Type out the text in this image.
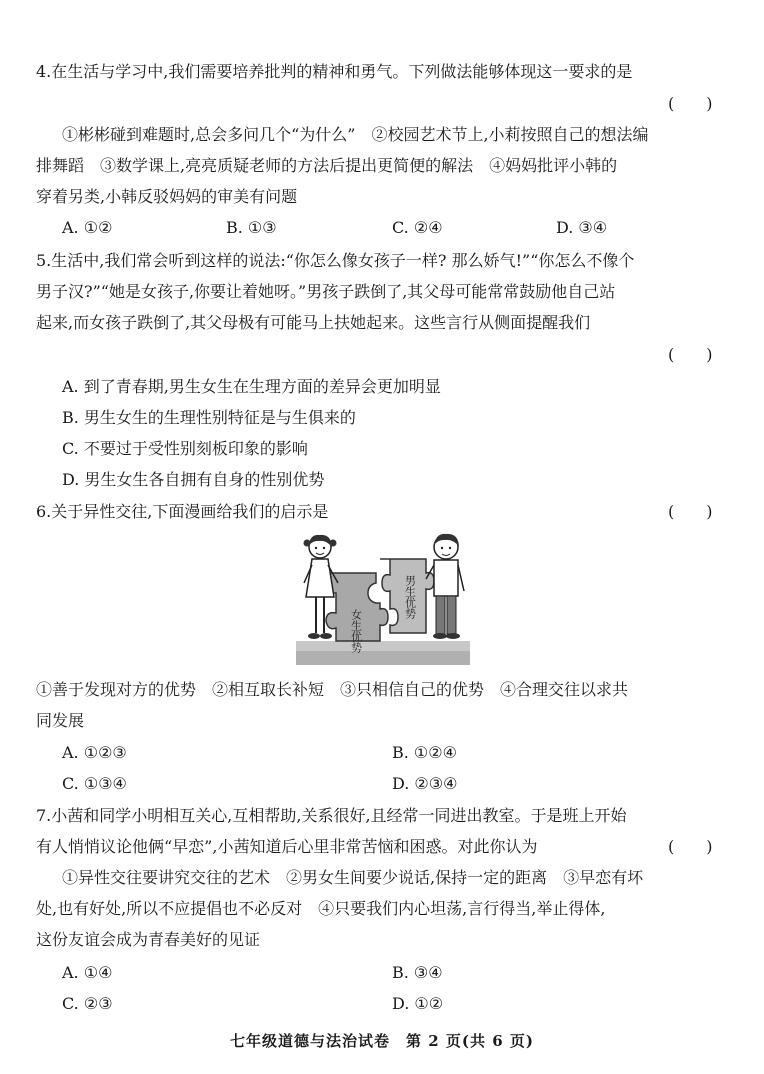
4.在生活与学习中,我们需要培养批判的精神和勇气。下列做法能够体现这一要求的是
(　　)
①彬彬碰到难题时,总会多问几个“为什么”　②校园艺术节上,小莉按照自己的想法编
排舞蹈　③数学课上,亮亮质疑老师的方法后提出更简便的解法　④妈妈批评小韩的
穿着另类,小韩反驳妈妈的审美有问题
A. ①②	B. ①③	C. ②④	D. ③④
5.生活中,我们常会听到这样的说法:“你怎么像女孩子一样? 那么娇气!”“你怎么不像个
男子汉?”“她是女孩子,你要让着她呀。”男孩子跌倒了,其父母可能常常鼓励他自己站
起来,而女孩子跌倒了,其父母极有可能马上扶她起来。这些言行从侧面提醒我们
(　　)
A. 到了青春期,男生女生在生理方面的差异会更加明显
B. 男生女生的生理性别特征是与生俱来的
C. 不要过于受性别刻板印象的影响
D. 男生女生各自拥有自身的性别优势
6.关于异性交往,下面漫画给我们的启示是	(　　)
女生优势
男生优势
①善于发现对方的优势　②相互取长补短　③只相信自己的优势　④合理交往以求共
同发展
A. ①②③	B. ①②④
C. ①③④	D. ②③④
7.小茜和同学小明相互关心,互相帮助,关系很好,且经常一同进出教室。于是班上开始
有人悄悄议论他俩“早恋”,小茜知道后心里非常苦恼和困惑。对此你认为	(　　)
①异性交往要讲究交往的艺术　②男女生间要少说话,保持一定的距离　③早恋有坏
处,也有好处,所以不应提倡也不必反对　④只要我们内心坦荡,言行得当,举止得体,
这份友谊会成为青春美好的见证
A. ①④	B. ③④
C. ②③	D. ①②
七年级道德与法治试卷　第 2 页(共 6 页)
